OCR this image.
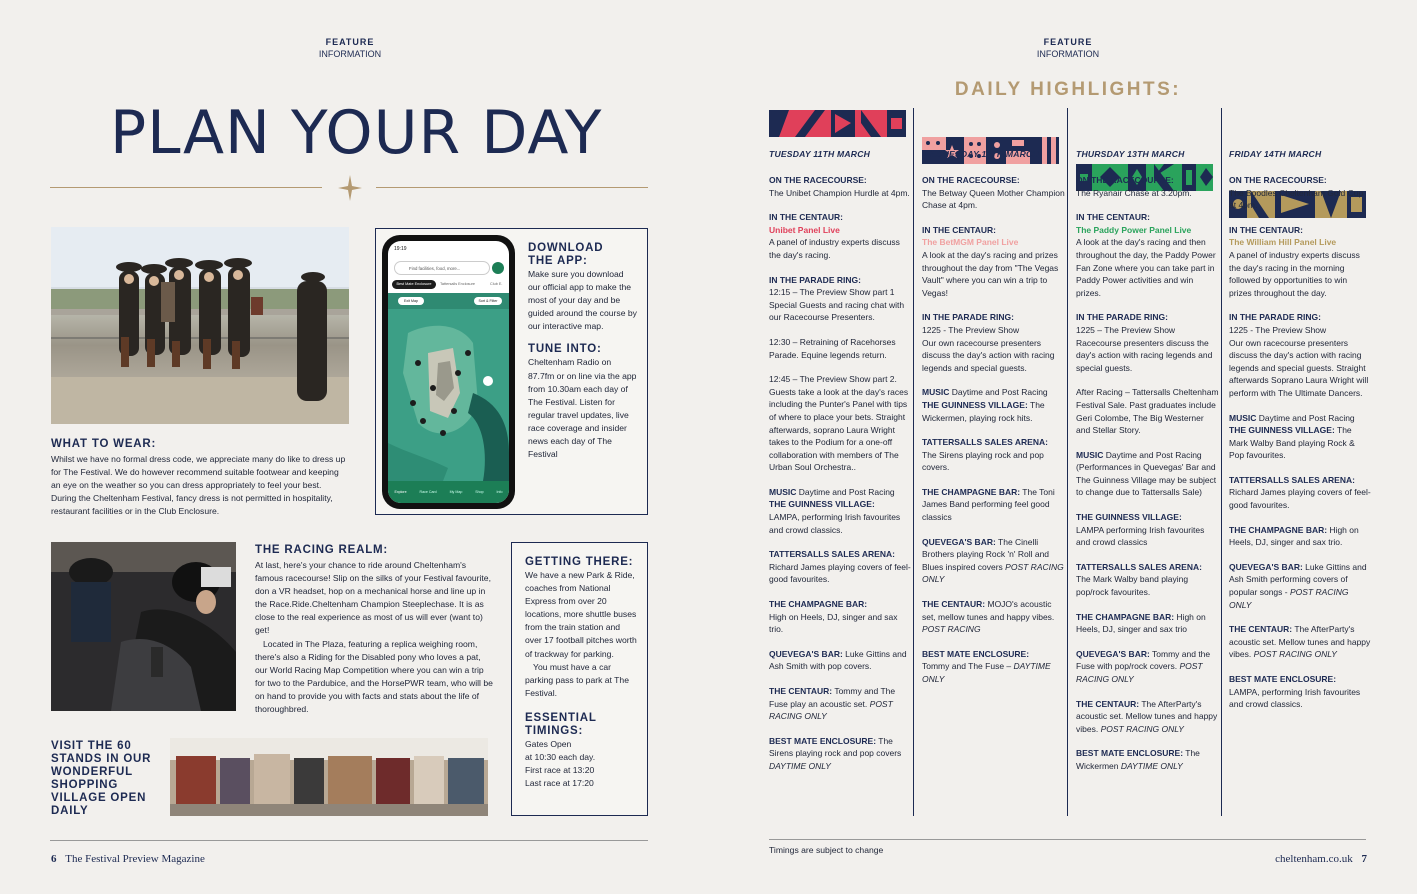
FEATURE
INFORMATION
PLAN YOUR DAY
19:19
Find facilities, food, more...
Best Mate Enclosure	Tattersalls Enclosure	Club E.
Exit Map	Sort & Filter
Explore	Race Card	My Map	Shop	Info
DOWNLOAD
THE APP:
Make sure you download our official app to make the most of your day and be guided around the course by our interactive map.
TUNE INTO:
Cheltenham Radio on 87.7fm or on line via the app from 10.30am each day of The Festival. Listen for regular travel updates, live race coverage and insider news each day of The Festival
WHAT TO WEAR:
Whilst we have no formal dress code, we appreciate many do like to dress up for The Festival. We do however recommend suitable footwear and keeping an eye on the weather so you can dress appropriately to feel your best. During the Cheltenham Festival, fancy dress is not permitted in hospitality, restaurant facilities or in the Club Enclosure.
THE RACING REALM:
At last, here's your chance to ride around Cheltenham's famous racecourse! Slip on the silks of your Festival favourite, don a VR headset, hop on a mechanical horse and line up in the Race.Ride.Cheltenham Champion Steeplechase. It is as close to the real experience as most of us will ever (want to) get!
Located in The Plaza, featuring a replica weighing room, there's also a Riding for the Disabled pony who loves a pat, our World Racing Map Competition where you can win a trip for two to the Pardubice, and the HorsePWR team, who will be on hand to provide you with facts and stats about the life of thoroughbred.
GETTING THERE:
We have a new Park & Ride, coaches from National Express from over 20 locations, more shuttle buses from the train station and over 17 football pitches worth of trackway for parking.
You must have a car parking pass to park at The Festival.
ESSENTIAL
TIMINGS:
Gates Open
at 10:30 each day.
First race at 13:20
Last race at 17:20
VISIT THE 60
STANDS IN OUR
WONDERFUL
SHOPPING
VILLAGE OPEN
DAILY
6 The Festival Preview Magazine
FEATURE
INFORMATION
DAILY HIGHLIGHTS:
TUESDAY 11TH MARCH
ON THE RACECOURSE:
The Unibet Champion Hurdle at 4pm.
IN THE CENTAUR:
Unibet Panel Live
A panel of industry experts discuss the day's racing.
IN THE PARADE RING:
12:15 – The Preview Show part 1 Special Guests and racing chat with our Racecourse Presenters.
12:30 – Retraining of Racehorses Parade. Equine legends return.
12:45 – The Preview Show part 2. Guests take a look at the day's races including the Punter's Panel with tips of where to place your bets. Straight afterwards, soprano Laura Wright takes to the Podium for a one-off collaboration with members of The Urban Soul Orchestra..
MUSIC Daytime and Post Racing
THE GUINNESS VILLAGE:
LAMPA, performing Irish favourites and crowd classics.
TATTERSALLS SALES ARENA:
Richard James playing covers of feel-good favourites.
THE CHAMPAGNE BAR:
High on Heels, DJ, singer and sax trio.
QUEVEGA'S BAR: Luke Gittins and Ash Smith with pop covers.
THE CENTAUR: Tommy and The Fuse play an acoustic set. POST RACING ONLY
BEST MATE ENCLOSURE: The Sirens playing rock and pop covers DAYTIME ONLY
WEDNESDAY 12TH MARCH
ON THE RACECOURSE:
The Betway Queen Mother Champion Chase at 4pm.
IN THE CENTAUR:
The BetMGM Panel Live
A look at the day's racing and prizes throughout the day from "The Vegas Vault" where you can win a trip to Vegas!
IN THE PARADE RING:
1225 - The Preview Show
Our own racecourse presenters discuss the day's action with racing legends and special guests.
MUSIC Daytime and Post Racing
THE GUINNESS VILLAGE: The Wickermen, playing rock hits.
TATTERSALLS SALES ARENA:
The Sirens playing rock and pop covers.
THE CHAMPAGNE BAR: The Toni James Band performing feel good classics
QUEVEGA'S BAR: The Cinelli Brothers playing Rock 'n' Roll and Blues inspired covers POST RACING ONLY
THE CENTAUR: MOJO's acoustic set, mellow tunes and happy vibes. POST RACING
BEST MATE ENCLOSURE:
Tommy and The Fuse – DAYTIME ONLY
THURSDAY 13TH MARCH
ON THE RACECOURSE:
The Ryanair Chase at 3.20pm.
IN THE CENTAUR:
The Paddy Power Panel Live
A look at the day's racing and then throughout the day, the Paddy Power Fan Zone where you can take part in Paddy Power activities and win prizes.
IN THE PARADE RING:
1225 – The Preview Show Racecourse presenters discuss the day's action with racing legends and special guests.
After Racing – Tattersalls Cheltenham Festival Sale. Past graduates include Geri Colombe, The Big Westerner and Stellar Story.
MUSIC Daytime and Post Racing (Performances in Quevegas' Bar and The Guinness Village may be subject to change due to Tattersalls Sale)
THE GUINNESS VILLAGE:
LAMPA performing Irish favourites and crowd classics
TATTERSALLS SALES ARENA:
The Mark Walby band playing pop/rock favourites.
THE CHAMPAGNE BAR: High on Heels, DJ, singer and sax trio
QUEVEGA'S BAR: Tommy and the Fuse with pop/rock covers. POST RACING ONLY
THE CENTAUR: The AfterParty's acoustic set. Mellow tunes and happy vibes. POST RACING ONLY
BEST MATE ENCLOSURE: The Wickermen DAYTIME ONLY
FRIDAY 14TH MARCH
ON THE RACECOURSE:
The Boodles Cheltenham Gold Cup at 4pm.
IN THE CENTAUR:
The William Hill Panel Live
A panel of industry experts discuss the day's racing in the morning followed by opportunities to win prizes throughout the day.
IN THE PARADE RING:
1225 - The Preview Show
Our own racecourse presenters discuss the day's action with racing legends and special guests. Straight afterwards Soprano Laura Wright will perform with The Ultimate Dancers.
MUSIC Daytime and Post Racing
THE GUINNESS VILLAGE: The Mark Walby Band playing Rock & Pop favourites.
TATTERSALLS SALES ARENA:
Richard James playing covers of feel-good favourites.
THE CHAMPAGNE BAR: High on Heels, DJ, singer and sax trio.
QUEVEGA'S BAR: Luke Gittins and Ash Smith performing covers of popular songs - POST RACING ONLY
THE CENTAUR: The AfterParty's acoustic set. Mellow tunes and happy vibes. POST RACING ONLY
BEST MATE ENCLOSURE:
LAMPA, performing Irish favourites and crowd classics.
Timings are subject to change
cheltenham.co.uk 7
